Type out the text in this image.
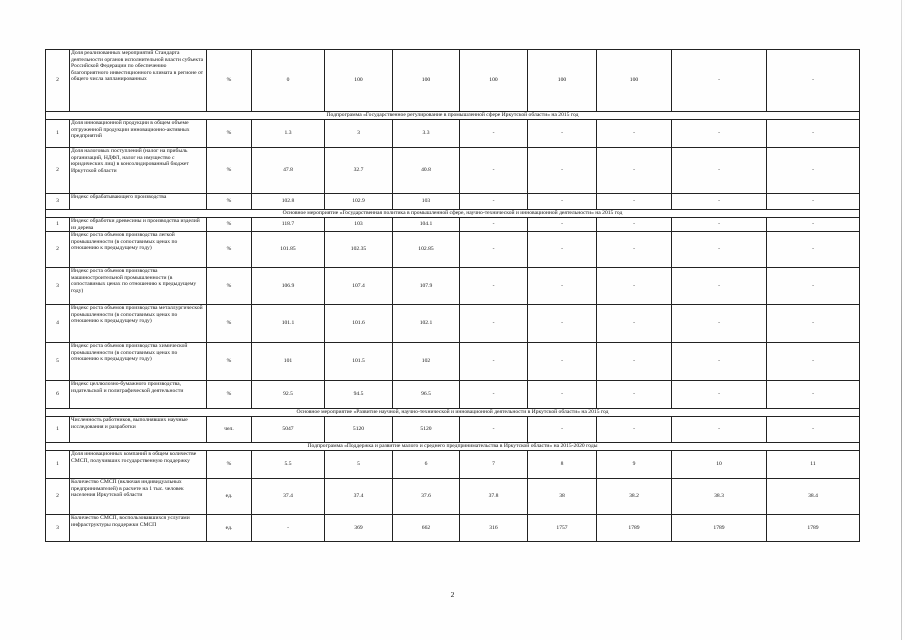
2	Доля реализованных мероприятий Стандарта деятельности органов исполнительной власти субъекта Российской Федерации по обеспечению благоприятного инвестиционного климата в регионе от общего числа запланированных	%	0	100	100	100	100	100	-	-
Подпрограмма «Государственное регулирование в промышленной сфере Иркутской области» на 2015 год										
1	Доля инновационной продукции в общем объеме отгруженной продукции инновационно-активных предприятий	%	1.3	3	3.3	-	-	-	-	-
2	Доля налоговых поступлений (налог на прибыль организаций, НДФЛ, налог на имущество с юридических лиц) в консолидированный бюджет Иркутской области	%	47.8	32.7	40.8	-	-	-	-	-
3	Индекс обрабатывающего производства	%	102.8	102.9	103	-	-	-	-	-
Основное мероприятие «Государственная политика в промышленной сфере, научно-технической и инновационной деятельности» на 2015 год										
1	Индекс обработки древесины и производства изделий из дерева	%	118.7	103	104.1	-	-	-	-	-
2	Индекс роста объемов производства легкой промышленности (в сопоставимых ценах по отношению к предыдущему году)	%	101.85	102.35	102.85	-	-	-	-	-
3	Индекс роста объемов производства машиностроительной промышленности (в сопоставимых ценах по отношению к предыдущему году)	%	106.9	107.4	107.9	-	-	-	-	-
4	Индекс роста объемов производства металлургической промышленности (в сопоставимых ценах по отношению к предыдущему году)	%	101.1	101.6	102.1	-	-	-	-	-
5	Индекс роста объемов производства химической промышленности (в сопоставимых ценах по отношению к предыдущему году)	%	101	101.5	102	-	-	-	-	-
6	Индекс целлюлозно-бумажного производства, издательской и полиграфической деятельности	%	92.5	94.5	96.5	-	-	-	-	-
Основное мероприятие «Развитие научной, научно-технической и инновационной деятельности в Иркутской области» на 2015 год										
1	Численность работников, выполнявших научные исследования и разработки	чел.	5047	5120	5120	-	-	-	-	-
Подпрограмма «Поддержка и развитие малого и среднего предпринимательства в Иркутской области» на 2015-2020 годы										
1	Доля инновационных компаний в общем количестве СМСП, получивших государственную поддержку	%	5.5	5	6	7	8	9	10	11
2	Количество СМСП (включая индивидуальных предпринимателей) в расчете на 1 тыс. человек населения Иркутской области	ед.	37.4	37.4	37.6	37.8	38	38.2	38.3	38.4
3	Количество СМСП, воспользовавшихся услугами инфраструктуры поддержки СМСП	ед.	-	369	662	316	1757	1789	1789	1789
2
